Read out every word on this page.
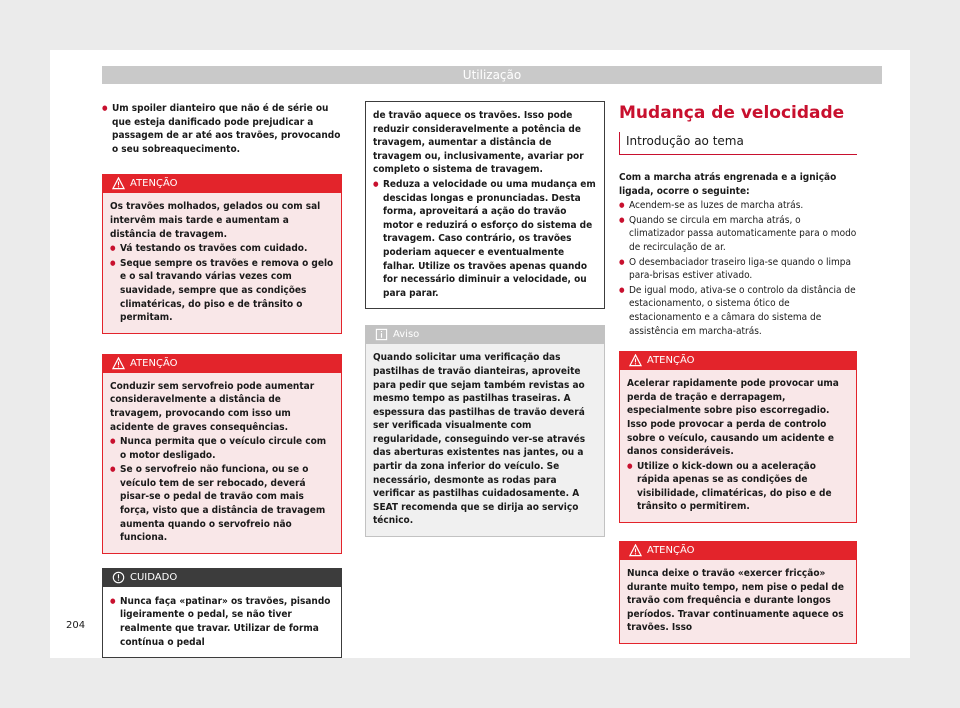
Utilização
● Um spoiler dianteiro que não é de série ou que esteja danificado pode prejudicar a passagem de ar até aos travões, provocando o seu sobreaquecimento.
ATENÇÃO

Os travões molhados, gelados ou com sal intervêm mais tarde e aumentam a distância de travagem.

● Vá testando os travões com cuidado.
● Seque sempre os travões e remova o gelo e o sal travando várias vezes com suavidade, sempre que as condições climatéricas, do piso e de trânsito o permitam.
ATENÇÃO

Conduzir sem servofreio pode aumentar consideravelmente a distância de travagem, provocando com isso um acidente de graves consequências.

● Nunca permita que o veículo circule com o motor desligado.
● Se o servofreio não funciona, ou se o veículo tem de ser rebocado, deverá pisar-se o pedal de travão com mais força, visto que a distância de travagem aumenta quando o servofreio não funciona.
CUIDADO
● Nunca faça «patinar» os travões, pisando ligeiramente o pedal, se não tiver realmente que travar. Utilizar de forma contínua o pedal

de travão aquece os travões. Isso pode reduzir consideravelmente a potência de travagem, aumentar a distância de travagem ou, inclusivamente, avariar por completo o sistema de travagem.

● Reduza a velocidade ou uma mudança em descidas longas e pronunciadas. Desta forma, aproveitará a ação do travão motor e reduzirá o esforço do sistema de travagem. Caso contrário, os travões poderiam aquecer e eventualmente falhar. Utilize os travões apenas quando for necessário diminuir a velocidade, ou para parar.
Aviso

Quando solicitar uma verificação das pastilhas de travão dianteiras, aproveite para pedir que sejam também revistas ao mesmo tempo as pastilhas traseiras. A espessura das pastilhas de travão deverá ser verificada visualmente com regularidade, conseguindo ver-se através das aberturas existentes nas jantes, ou a partir da zona inferior do veículo. Se necessário, desmonte as rodas para verificar as pastilhas cuidadosamente. A SEAT recomenda que se dirija ao serviço técnico.

Mudança de velocidade
Introdução ao tema

Com a marcha atrás engrenada e a ignição ligada, ocorre o seguinte:

● Acendem-se as luzes de marcha atrás.
● Quando se circula em marcha atrás, o climatizador passa automaticamente para o modo de recirculação de ar.
● O desembaciador traseiro liga-se quando o limpa para-brisas estiver ativado.
● De igual modo, ativa-se o controlo da distância de estacionamento, o sistema ótico de estacionamento e a câmara do sistema de assistência em marcha-atrás.
ATENÇÃO

Acelerar rapidamente pode provocar uma perda de tração e derrapagem, especialmente sobre piso escorregadio. Isso pode provocar a perda de controlo sobre o veículo, causando um acidente e danos consideráveis.

● Utilize o kick-down ou a aceleração rápida apenas se as condições de visibilidade, climatéricas, do piso e de trânsito o permitirem.
ATENÇÃO

Nunca deixe o travão «exercer fricção» durante muito tempo, nem pise o pedal de travão com frequência e durante longos períodos. Travar continuamente aquece os travões. Isso

204
